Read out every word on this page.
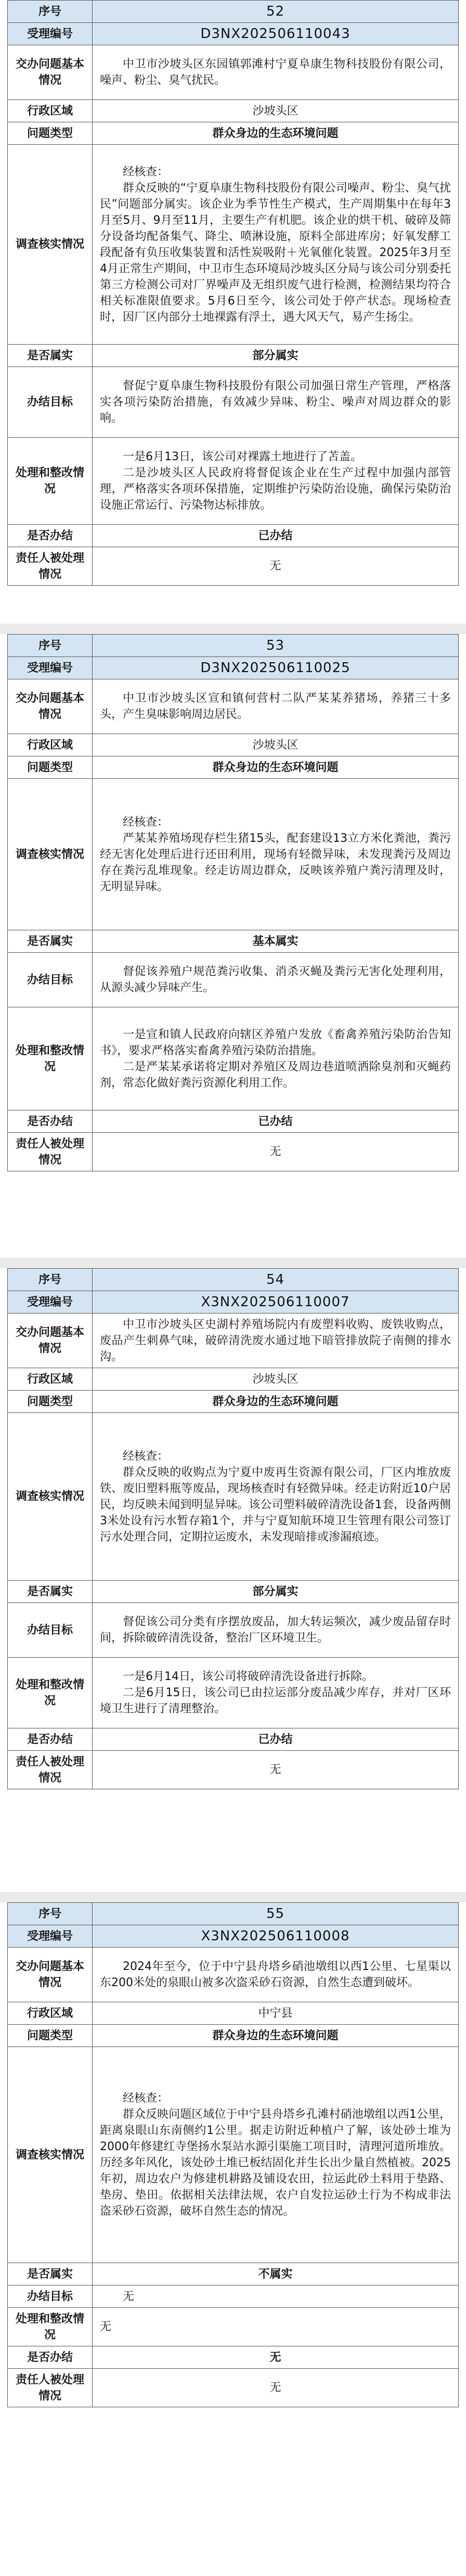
序号	52
受理编号	D3NX202506110043
交办问题基本情况	中卫市沙坡头区东园镇郭滩村宁夏阜康生物科技股份有限公司，噪声、粉尘、臭气扰民。
行政区域	沙坡头区
问题类型	群众身边的生态环境问题
调查核实情况	经核查：
群众反映的“宁夏阜康生物科技股份有限公司噪声、粉尘、臭气扰民”问题部分属实。该企业为季节性生产模式，生产周期集中在每年3月至5月、9月至11月，主要生产有机肥。该企业的烘干机、破碎及筛分设备均配备集气、降尘、喷淋设施，原料全部进库房；好氧发酵工段配备有负压收集装置和活性炭吸附＋光氧催化装置。2025年3月至4月正常生产期间，中卫市生态环境局沙坡头区分局与该公司分别委托第三方检测公司对厂界噪声及无组织废气进行检测，检测结果均符合相关标准限值要求。5月6日至今，该公司处于停产状态。现场检查时，因厂区内部分土地裸露有浮土，遇大风天气，易产生扬尘。

是否属实	部分属实
办结目标	督促宁夏阜康生物科技股份有限公司加强日常生产管理，严格落实各项污染防治措施，有效减少异味、粉尘、噪声对周边群众的影响。
处理和整改情况	一是6月13日，该公司对裸露土地进行了苫盖。
二是沙坡头区人民政府将督促该企业在生产过程中加强内部管理，严格落实各项环保措施，定期维护污染防治设施，确保污染防治设施正常运行、污染物达标排放。

是否办结	已办结
责任人被处理情况	无
序号	53
受理编号	D3NX202506110025
交办问题基本情况	中卫市沙坡头区宣和镇何营村二队严某某养猪场，养猪三十多头，产生臭味影响周边居民。
行政区域	沙坡头区
问题类型	群众身边的生态环境问题
调查核实情况	经核查：
严某某养殖场现存栏生猪15头，配套建设13立方米化粪池，粪污经无害化处理后进行还田利用，现场有轻微异味，未发现粪污及周边存在粪污乱堆现象。经走访周边群众，反映该养殖户粪污清理及时，无明显异味。

是否属实	基本属实
办结目标	督促该养殖户规范粪污收集、消杀灭蝇及粪污无害化处理利用，从源头减少异味产生。
处理和整改情况	一是宣和镇人民政府向辖区养殖户发放《畜禽养殖污染防治告知书》，要求严格落实畜禽养殖污染防治措施。
二是严某某承诺将定期对养殖区及周边巷道喷洒除臭剂和灭蝇药剂，常态化做好粪污资源化利用工作。

是否办结	已办结
责任人被处理情况	无
序号	54
受理编号	X3NX202506110007
交办问题基本情况	中卫市沙坡头区史湖村养殖场院内有废塑料收购、废铁收购点，废品产生刺鼻气味，破碎清洗废水通过地下暗管排放院子南侧的排水沟。
行政区域	沙坡头区
问题类型	群众身边的生态环境问题
调查核实情况	经核查：
群众反映的收购点为宁夏中废再生资源有限公司，厂区内堆放废铁、废旧塑料瓶等废品，现场核查时有轻微异味。经走访附近10户居民，均反映未闻到明显异味。该公司塑料破碎清洗设备1套，设备两侧3米处设有污水暂存箱1个，并与宁夏知航环境卫生管理有限公司签订污水处理合同，定期拉运废水，未发现暗排或渗漏痕迹。

是否属实	部分属实
办结目标	督促该公司分类有序摆放废品，加大转运频次，减少废品留存时间，拆除破碎清洗设备，整治厂区环境卫生。
处理和整改情况	一是6月14日，该公司将破碎清洗设备进行拆除。
二是6月15日，该公司已由拉运部分废品减少库存，并对厂区环境卫生进行了清理整治。

是否办结	已办结
责任人被处理情况	无
序号	55
受理编号	X3NX202506110008
交办问题基本情况	2024年至今，位于中宁县舟塔乡硝池墩组以西1公里、七星渠以东200米处的泉眼山被多次盗采砂石资源，自然生态遭到破坏。
行政区域	中宁县
问题类型	群众身边的生态环境问题
调查核实情况	经核查：
群众反映问题区域位于中宁县舟塔乡孔滩村硝池墩组以西1公里，距离泉眼山东南侧约1公里。据走访附近种植户了解，该处砂土堆为2000年修建红寺堡扬水泵站水源引渠施工项目时，清理河道所堆放。历经多年风化，该处砂土堆已板结固化并生长出少量自然植被。2025年初，周边农户为修建机耕路及铺设农田，拉运此砂土料用于垫路、垫房、垫田。依据相关法律法规，农户自发拉运砂土行为不构成非法盗采砂石资源，破坏自然生态的情况。

是否属实	不属实
办结目标	无
处理和整改情况	无

是否办结	无
责任人被处理情况	无
